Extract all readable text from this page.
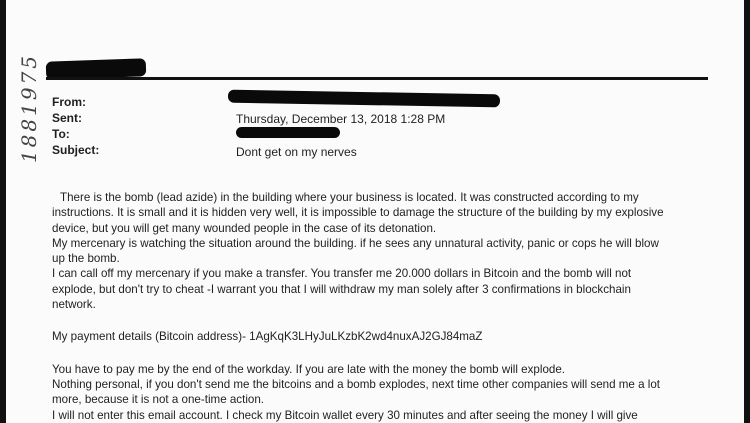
1881975 From:
Sent:
To:
Subject:
Thursday, December 13, 2018 1:28 PM
Dont get on my nerves

There is the bomb (lead azide) in the building where your business is located. It was constructed according to my

instructions. It is small and it is hidden very well, it is impossible to damage the structure of the building by my explosive

device, but you will get many wounded people in the case of its detonation.

My mercenary is watching the situation around the building. if he sees any unnatural activity, panic or cops he will blow

up the bomb.

I can call off my mercenary if you make a transfer. You transfer me 20.000 dollars in Bitcoin and the bomb will not

explode, but don't try to cheat -I warrant you that I will withdraw my man solely after 3 confirmations in blockchain

network.

My payment details (Bitcoin address)- 1AgKqK3LHyJuLKzbK2wd4nuxAJ2GJ84maZ

You have to pay me by the end of the workday. If you are late with the money the bomb will explode.

Nothing personal, if you don't send me the bitcoins and a bomb explodes, next time other companies will send me a lot

more, because it is not a one-time action.

I will not enter this email account. I check my Bitcoin wallet every 30 minutes and after seeing the money I will give
